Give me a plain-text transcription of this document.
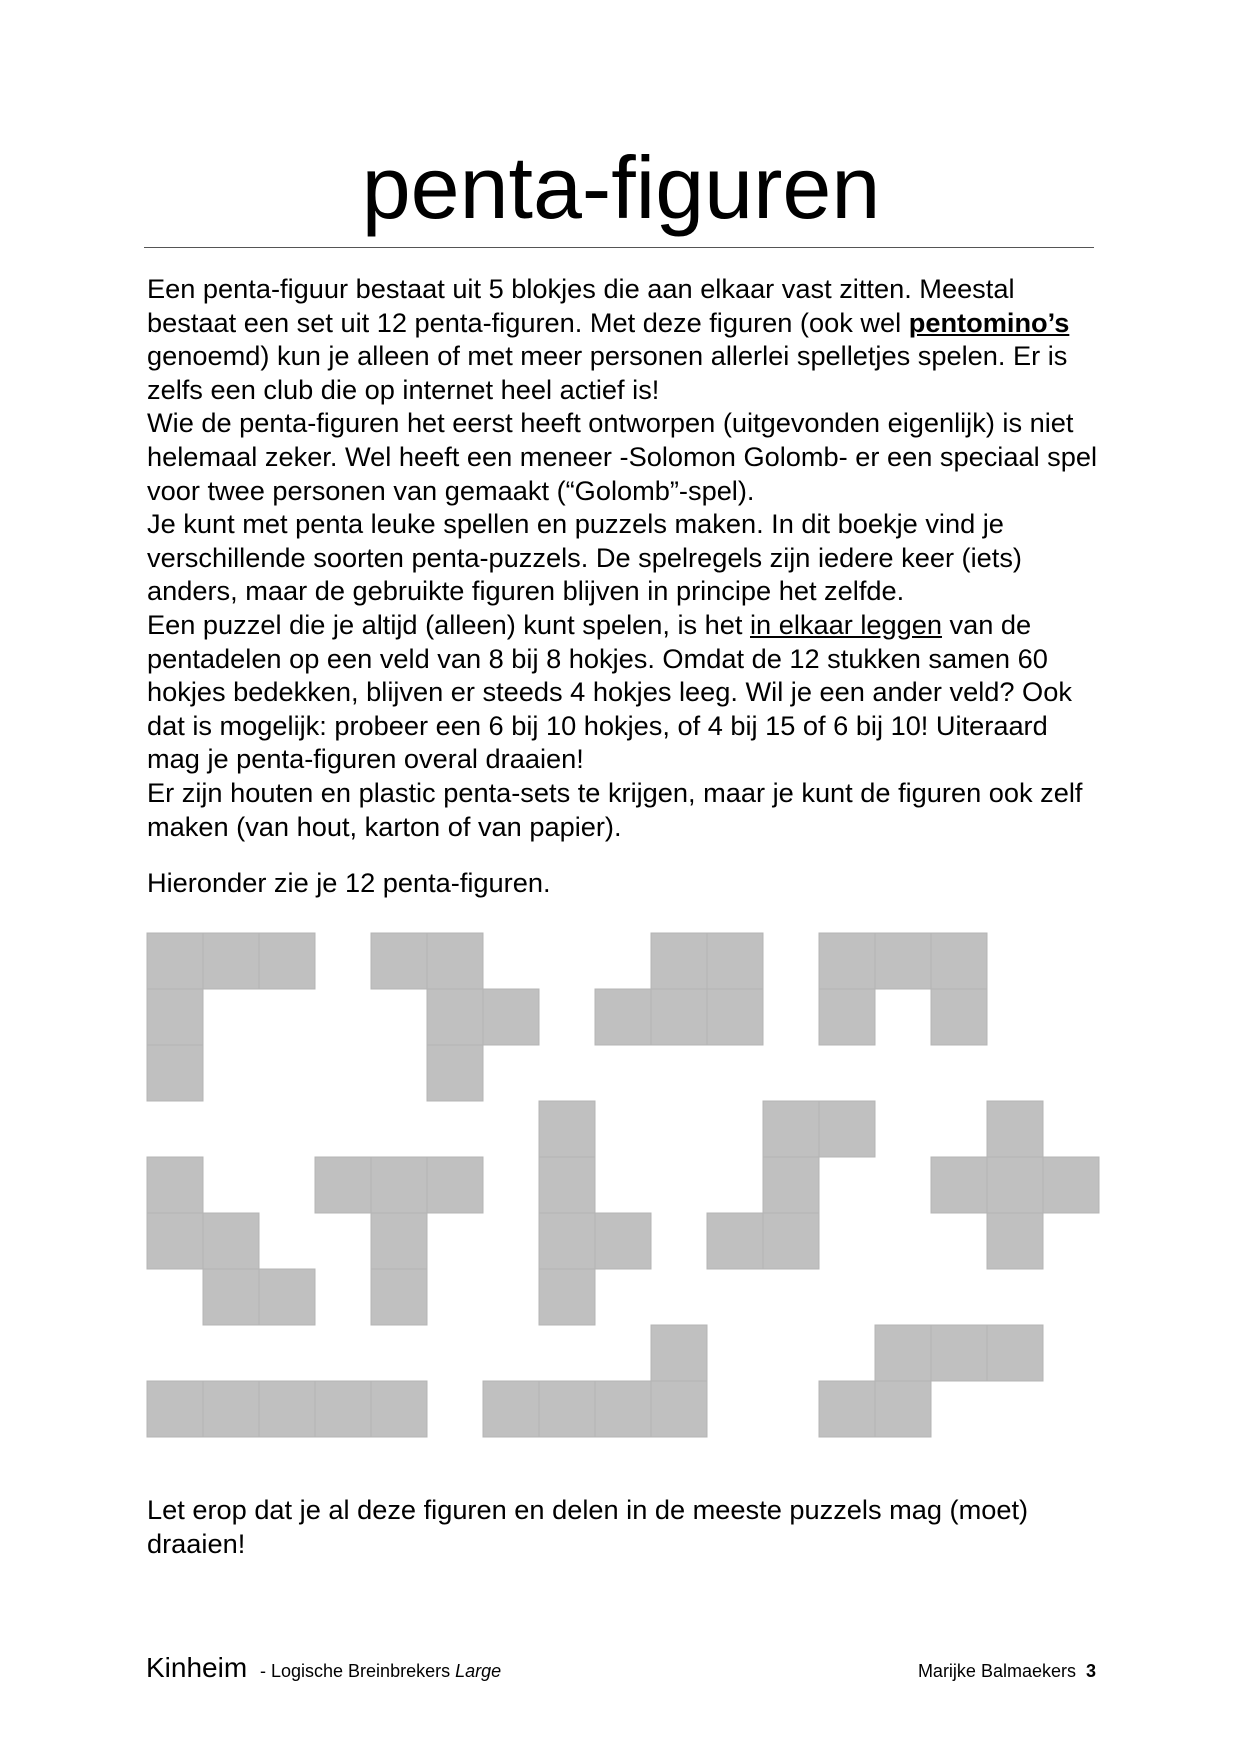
penta-figuren

Een penta-figuur bestaat uit 5 blokjes die aan elkaar vast zitten. Meestal bestaat een set uit 12 penta-figuren. Met deze figuren (ook wel pentomino’s genoemd) kun je alleen of met meer personen allerlei spelletjes spelen. Er is zelfs een club die op internet heel actief is!

Wie de penta-figuren het eerst heeft ontworpen (uitgevonden eigenlijk) is niet helemaal zeker. Wel heeft een meneer -Solomon Golomb- er een speciaal spel voor twee personen van gemaakt (“Golomb”-spel).

Je kunt met penta leuke spellen en puzzels maken. In dit boekje vind je verschillende soorten penta-puzzels. De spelregels zijn iedere keer (iets) anders, maar de gebruikte figuren blijven in principe het zelfde.

Een puzzel die je altijd (alleen) kunt spelen, is het in elkaar leggen van de pentadelen op een veld van 8 bij 8 hokjes. Omdat de 12 stukken samen 60 hokjes bedekken, blijven er steeds 4 hokjes leeg. Wil je een ander veld? Ook dat is mogelijk: probeer een 6 bij 10 hokjes, of 4 bij 15 of 6 bij 10! Uiteraard mag je penta-figuren overal draaien!

Er zijn houten en plastic penta-sets te krijgen, maar je kunt de figuren ook zelf maken (van hout, karton of van papier).

Hieronder zie je 12 penta-figuren.

Let erop dat je al deze figuren en delen in de meeste puzzels mag (moet) draaien!

Kinheim - Logische Breinbrekers Large	Marijke Balmaekers 3
